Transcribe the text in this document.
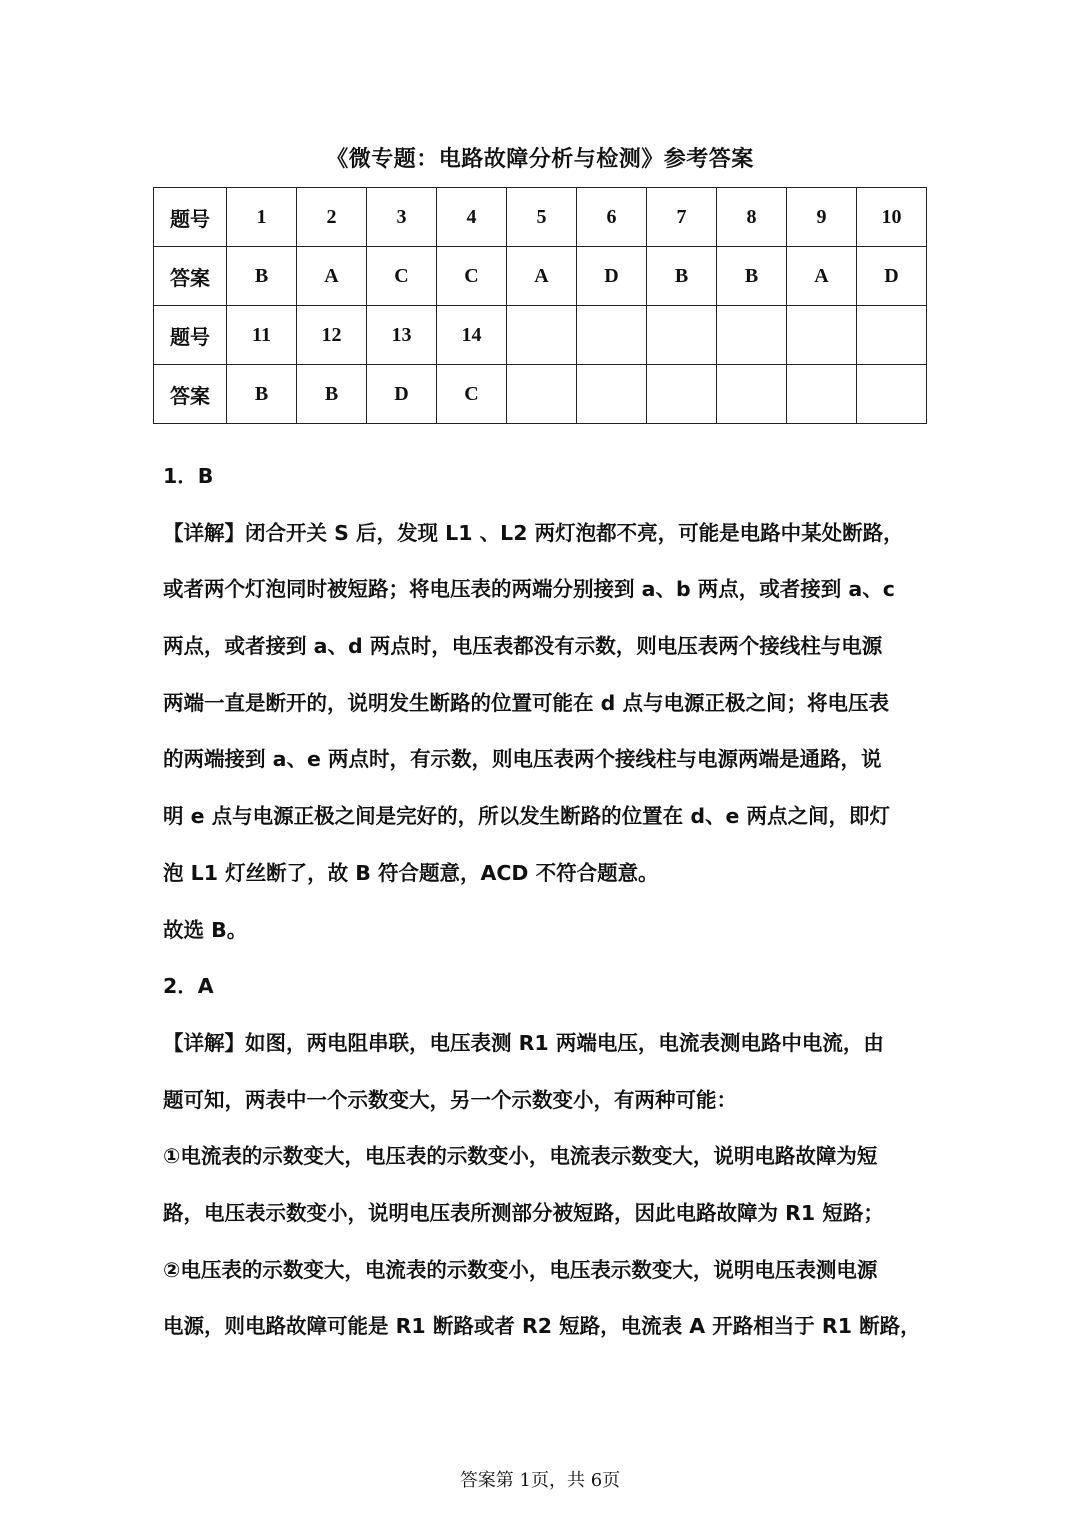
《微专题：电路故障分析与检测》参考答案
题号	1	2	3	4	5	6	7	8	9	10
答案	B	A	C	C	A	D	B	B	A	D
题号	11	12	13	14						
答案	B	B	D	C						
1．B
【详解】闭合开关 S 后，发现 L1 、L2 两灯泡都不亮，可能是电路中某处断路，
或者两个灯泡同时被短路；将电压表的两端分别接到 a、b 两点，或者接到 a、c
两点，或者接到 a、d 两点时，电压表都没有示数，则电压表两个接线柱与电源
两端一直是断开的，说明发生断路的位置可能在 d 点与电源正极之间；将电压表
的两端接到 a、e 两点时，有示数，则电压表两个接线柱与电源两端是通路，说
明 e 点与电源正极之间是完好的，所以发生断路的位置在 d、e 两点之间，即灯
泡 L1 灯丝断了，故 B 符合题意，ACD 不符合题意。
故选 B。
2．A
【详解】如图，两电阻串联，电压表测 R1 两端电压，电流表测电路中电流，由
题可知，两表中一个示数变大，另一个示数变小，有两种可能：
①电流表的示数变大，电压表的示数变小，电流表示数变大，说明电路故障为短
路，电压表示数变小，说明电压表所测部分被短路，因此电路故障为 R1 短路；
②电压表的示数变大，电流表的示数变小，电压表示数变大，说明电压表测电源
电源，则电路故障可能是 R1 断路或者 R2 短路，电流表 A 开路相当于 R1 断路，
答案第 1页，共 6页
